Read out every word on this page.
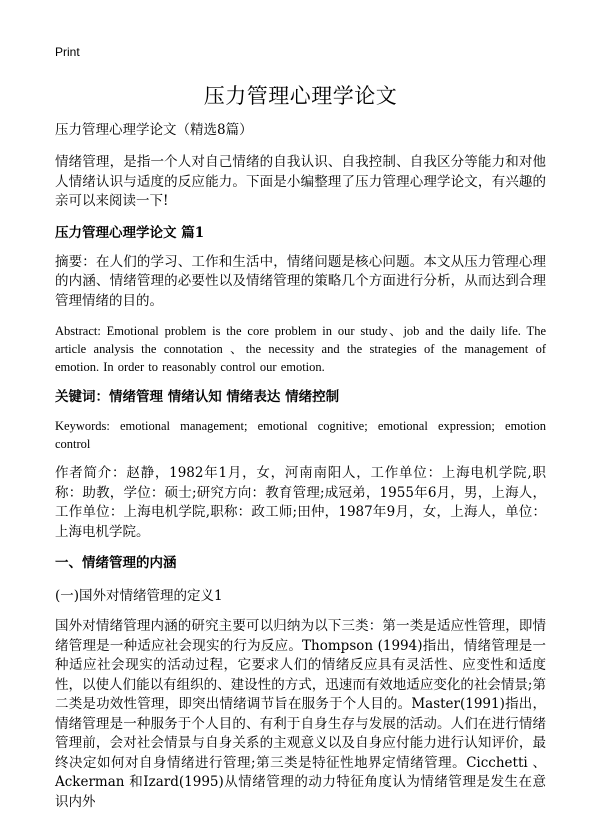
Print
压力管理心理学论文
压力管理心理学论文（精选8篇）

情绪管理，是指一个人对自己情绪的自我认识、自我控制、自我区分等能力和对他人情绪认识与适度的反应能力。下面是小编整理了压力管理心理学论文，有兴趣的亲可以来阅读一下!

压力管理心理学论文 篇1

摘要：在人们的学习、工作和生活中，情绪问题是核心问题。本文从压力管理心理的内涵、情绪管理的必要性以及情绪管理的策略几个方面进行分析，从而达到合理管理情绪的目的。

Abstract: Emotional problem is the core problem in our study、job and the daily life. The article analysis the connotation 、the necessity and the strategies of the management of emotion. In order to reasonably control our emotion.

关键词：情绪管理 情绪认知 情绪表达 情绪控制

Keywords: emotional management; emotional cognitive; emotional expression; emotion control

作者简介：赵静，1982年1月，女，河南南阳人，工作单位：上海电机学院,职称：助教，学位：硕士;研究方向：教育管理;成冠弟，1955年6月，男，上海人，工作单位：上海电机学院,职称：政工师;田仲，1987年9月，女，上海人，单位：上海电机学院。

一、情绪管理的内涵
(一)国外对情绪管理的定义1

国外对情绪管理内涵的研究主要可以归纳为以下三类：第一类是适应性管理，即情绪管理是一种适应社会现实的行为反应。Thompson (1994)指出，情绪管理是一种适应社会现实的活动过程，它要求人们的情绪反应具有灵活性、应变性和适度性，以使人们能以有组织的、建设性的方式，迅速而有效地适应变化的社会情景;第二类是功效性管理，即突出情绪调节旨在服务于个人目的。Master(1991)指出，情绪管理是一种服务于个人目的、有利于自身生存与发展的活动。人们在进行情绪管理前，会对社会情景与自身关系的主观意义以及自身应付能力进行认知评价，最终决定如何对自身情绪进行管理;第三类是特征性地界定情绪管理。Cicchetti 、Ackerman 和Izard(1995)从情绪管理的动力特征角度认为情绪管理是发生在意识内外
